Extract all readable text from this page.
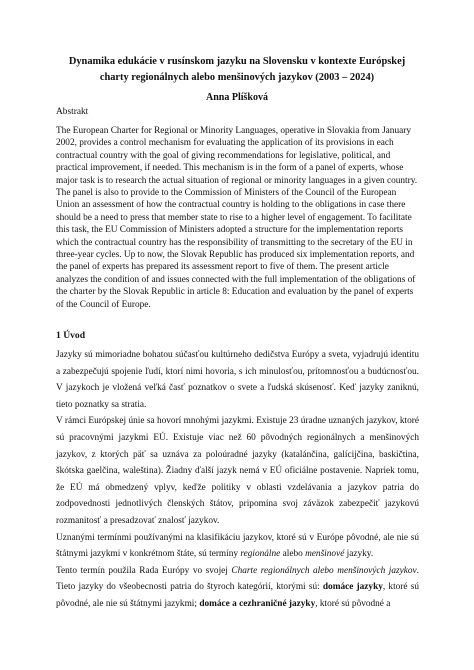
Dynamika edukácie v rusínskom jazyku na Slovensku v kontexte Európskej
charty regionálnych alebo menšinových jazykov (2003 – 2024)
Anna Plíšková
Abstrakt
The European Charter for Regional or Minority Languages, operative in Slovakia from January 2002, provides a control mechanism for evaluating the application of its provisions in each contractual country with the goal of giving recommendations for legislative, political, and practical improvement, if needed. This mechanism is in the form of a panel of experts, whose major task is to research the actual situation of regional or minority languages in a given country. The panel is also to provide to the Commission of Ministers of the Council of the European Union an assessment of how the contractual country is holding to the obligations in case there should be a need to press that member state to rise to a higher level of engagement. To facilitate this task, the EU Commission of Ministers adopted a structure for the implementation reports which the contractual country has the responsibility of transmitting to the secretary of the EU in three-year cycles. Up to now, the Slovak Republic has produced six implementation reports, and the panel of experts has prepared its assessment report to five of them. The present article analyzes the condition of and issues connected with the full implementation of the obligations of the charter by the Slovak Republic in article 8: Education and evaluation by the panel of experts of the Council of Europe.
1 Úvod

Jazyky sú mimoriadne bohatou súčasťou kultúrneho dedičstva Európy a sveta, vyjadrujú identitu a zabezpečujú spojenie ľudí, ktorí nimi hovoria, s ich minulosťou, prítomnosťou a budúcnosťou. V jazykoch je vložená veľká časť poznatkov o svete a ľudská skúsenosť. Keď jazyky zaniknú, tieto poznatky sa stratia.

V rámci Európskej únie sa hovorí mnohými jazykmi. Existuje 23 úradne uznaných jazykov, ktoré sú pracovnými jazykmi EÚ. Existuje viac než 60 pôvodných regionálnych a menšinových jazykov, z ktorých päť sa uznáva za poloúradné jazyky (katalánčina, galícijčina, baskičtina, škótska gaelčina, waleština). Žiadny ďalší jazyk nemá v EÚ oficiálne postavenie. Napriek tomu, že EÚ má obmedzený vplyv, keďže politiky v oblasti vzdelávania a jazykov patria do zodpovednosti jednotlivých členských štátov, pripomína svoj záväzok zabezpečiť jazykovú rozmanitosť a presadzovať znalosť jazykov.

Uznanými termínmi používanými na klasifikáciu jazykov, ktoré sú v Európe pôvodné, ale nie sú štátnymi jazykmi v konkrétnom štáte, sú termíny regionálne alebo menšinové jazyky.

Tento termín použila Rada Európy vo svojej Charte regionálnych alebo menšinových jazykov. Tieto jazyky do všeobecnosti patria do štyroch kategórií, ktorými sú: domáce jazyky, ktoré sú pôvodné, ale nie sú štátnymi jazykmi; domáce a cezhraničné jazyky, ktoré sú pôvodné a
